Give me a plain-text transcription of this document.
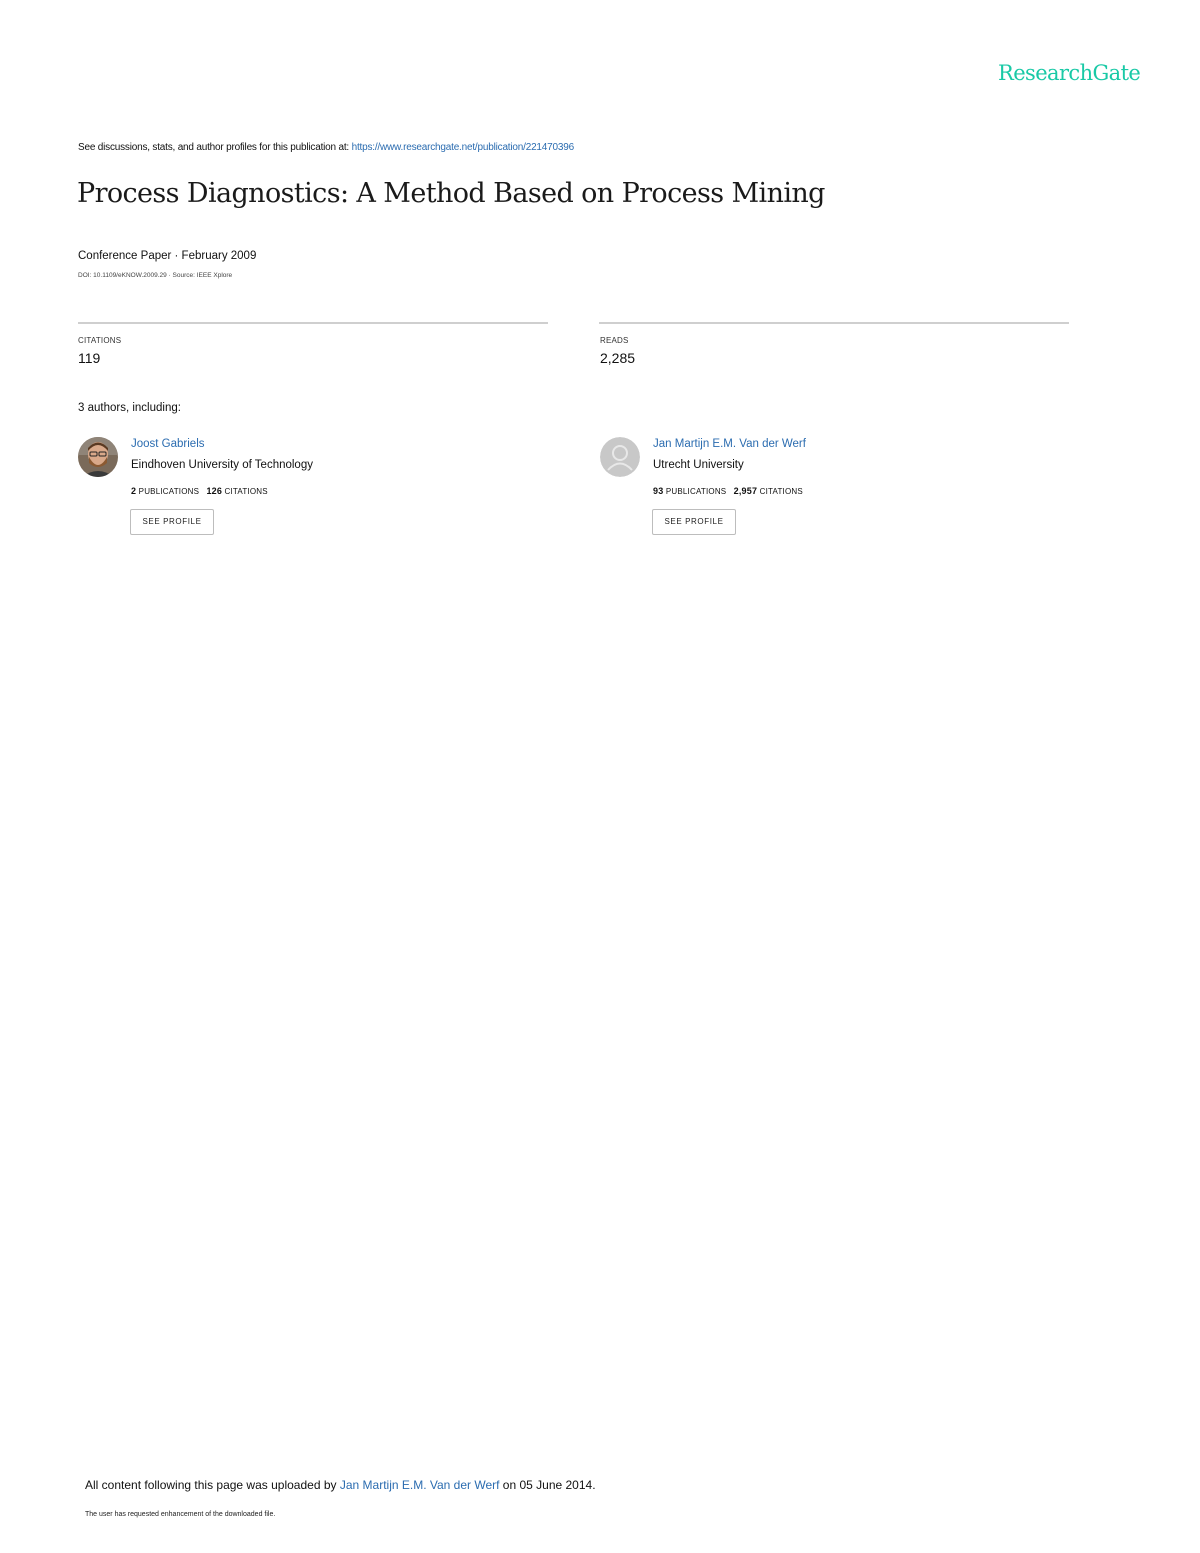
ResearchGate
See discussions, stats, and author profiles for this publication at: https://www.researchgate.net/publication/221470396
Process Diagnostics: A Method Based on Process Mining
Conference Paper · February 2009
DOI: 10.1109/eKNOW.2009.29 · Source: IEEE Xplore
CITATIONS
119
READS
2,285
3 authors, including:
Joost Gabriels
Eindhoven University of Technology
2 PUBLICATIONS 126 CITATIONS
SEE PROFILE
Jan Martijn E.M. Van der Werf
Utrecht University
93 PUBLICATIONS 2,957 CITATIONS
SEE PROFILE
All content following this page was uploaded by Jan Martijn E.M. Van der Werf on 05 June 2014.
The user has requested enhancement of the downloaded file.
